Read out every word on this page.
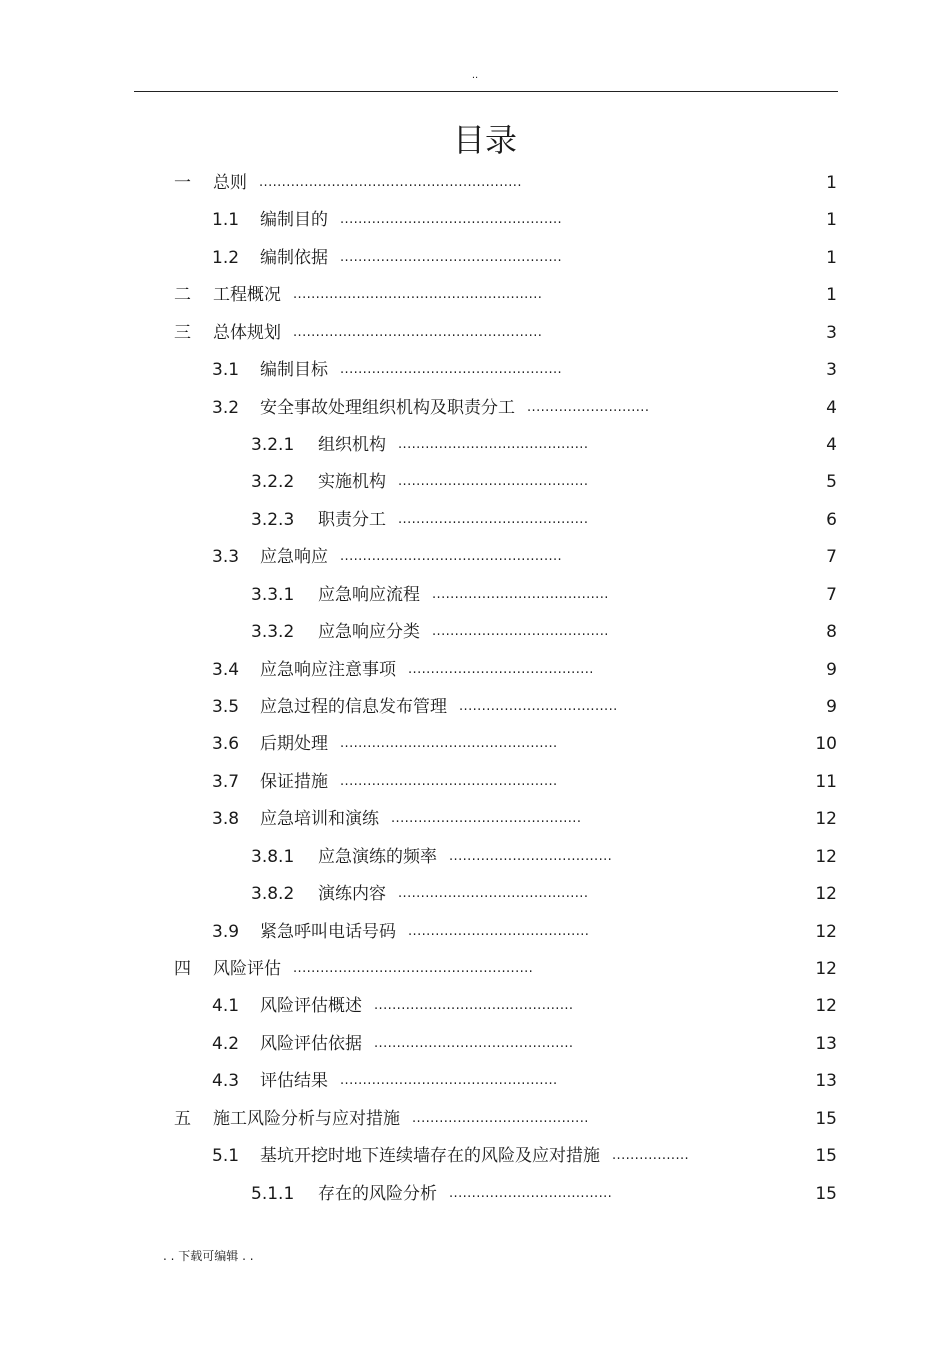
..
目录
一 总则 ..........................................................	1
1.1 编制目的 .................................................	1
1.2 编制依据 .................................................	1
二 工程概况 .......................................................	1
三 总体规划 .......................................................	3
3.1 编制目标 .................................................	3
3.2 安全事故处理组织机构及职责分工 ...........................	4
3.2.1 组织机构 ..........................................	4
3.2.2 实施机构 ..........................................	5
3.2.3 职责分工 ..........................................	6
3.3 应急响应 .................................................	7
3.3.1 应急响应流程 .......................................	7
3.3.2 应急响应分类 .......................................	8
3.4 应急响应注意事项 .........................................	9
3.5 应急过程的信息发布管理 ...................................	9
3.6 后期处理 ................................................	10
3.7 保证措施 ................................................	11
3.8 应急培训和演练 ..........................................	12
3.8.1 应急演练的频率 ....................................	12
3.8.2 演练内容 ..........................................	12
3.9 紧急呼叫电话号码 ........................................	12
四 风险评估 .....................................................	12
4.1 风险评估概述 ............................................	12
4.2 风险评估依据 ............................................	13
4.3 评估结果 ................................................	13
五 施工风险分析与应对措施 .......................................	15
5.1 基坑开挖时地下连续墙存在的风险及应对措施 .................	15
5.1.1 存在的风险分析 ....................................	15
. . 下载可编辑 . .
